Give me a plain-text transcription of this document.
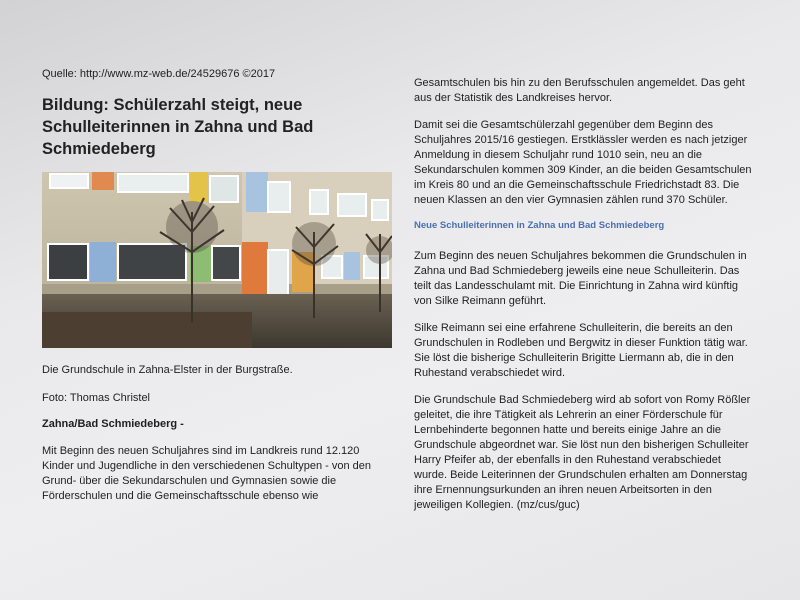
Quelle: http://www.mz-web.de/24529676 ©2017

Bildung: Schülerzahl steigt, neue Schulleiterinnen in Zahna und Bad Schmiedeberg

Die Grundschule in Zahna-Elster in der Burgstraße.

Foto: Thomas Christel

Zahna/Bad Schmiedeberg -

Mit Beginn des neuen Schuljahres sind im Landkreis rund 12.120 Kinder und Jugendliche in den verschiedenen Schultypen - von den Grund- über die Sekundarschulen und Gymnasien sowie die Förderschulen und die Gemeinschaftsschule ebenso wie

Gesamtschulen bis hin zu den Berufsschulen angemeldet. Das geht aus der Statistik des Landkreises hervor.

Damit sei die Gesamtschülerzahl gegenüber dem Beginn des Schuljahres 2015/16 gestiegen. Erstklässler werden es nach jetziger Anmeldung in diesem Schuljahr rund 1010 sein, neu an die Sekundarschulen kommen 309 Kinder, an die beiden Gesamtschulen im Kreis 80 und an die Gemeinschaftsschule Friedrichstadt 83. Die neuen Klassen an den vier Gymnasien zählen rund 370 Schüler.

Neue Schulleiterinnen in Zahna und Bad Schmiedeberg

Zum Beginn des neuen Schuljahres bekommen die Grundschulen in Zahna und Bad Schmiedeberg jeweils eine neue Schulleiterin. Das teilt das Landesschulamt mit. Die Einrichtung in Zahna wird künftig von Silke Reimann geführt.

Silke Reimann sei eine erfahrene Schulleiterin, die bereits an den Grundschulen in Rodleben und Bergwitz in dieser Funktion tätig war. Sie löst die bisherige Schulleiterin Brigitte Liermann ab, die in den Ruhestand verabschiedet wird.

Die Grundschule Bad Schmiedeberg wird ab sofort von Romy Rößler geleitet, die ihre Tätigkeit als Lehrerin an einer Förderschule für Lernbehinderte begonnen hatte und bereits einige Jahre an die Grundschule abgeordnet war. Sie löst nun den bisherigen Schulleiter Harry Pfeifer ab, der ebenfalls in den Ruhestand verabschiedet wurde. Beide Leiterinnen der Grundschulen erhalten am Donnerstag ihre Ernennungsurkunden an ihren neuen Arbeitsorten in den jeweiligen Kollegien. (mz/cus/guc)
